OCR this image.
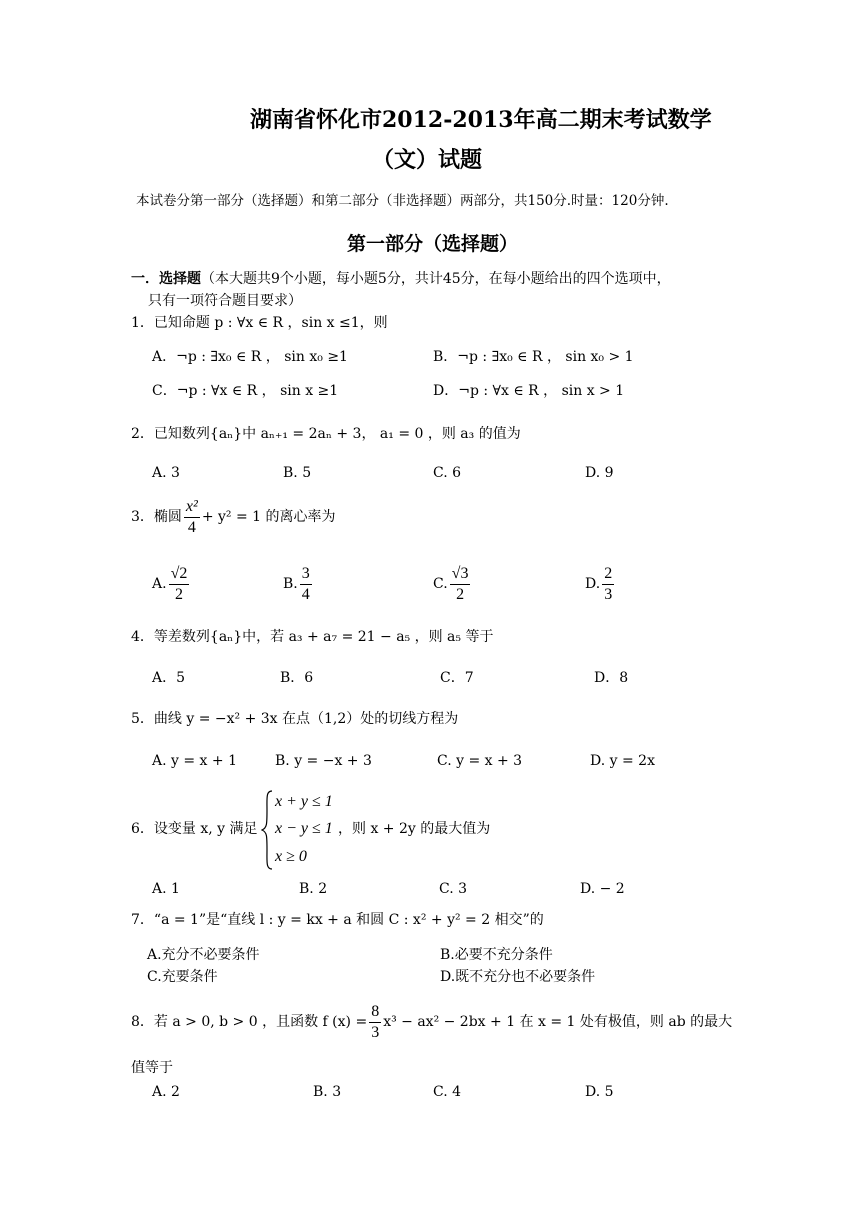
湖南省怀化市2012-2013年高二期末考试数学
（文）试题
本试卷分第一部分（选择题）和第二部分（非选择题）两部分，共150分.时量：120分钟.
第一部分（选择题）
一．选择题（本大题共9个小题，每小题5分，共计45分，在每小题给出的四个选项中，
只有一项符合题目要求）
1．已知命题 p : ∀x ∈ R ，sin x ≤1，则
A．¬p : ∃x₀ ∈ R ， sin x₀ ≥1	B．¬p : ∃x₀ ∈ R ， sin x₀ > 1
C．¬p : ∀x ∈ R ， sin x ≥1	D．¬p : ∀x ∈ R ， sin x > 1
2．已知数列{aₙ}中 aₙ₊₁ = 2aₙ + 3， a₁ = 0 ，则 a₃ 的值为
A. 3	B. 5	C. 6	D. 9
3．椭圆 $\frac{\text{x²}}{4} + y^2 = 1$ 的离心率为
A. $\frac{√2}{2}$	B. $\frac{3}{4}$	C. $\frac{√3}{2}$	D. $\frac{2}{3}$
4．等差数列{aₙ}中，若 a₃ + a₇ = 21 − a₅ ，则 a₅ 等于
A．5	B．6	C．7	D．8
5．曲线 y = −x² + 3x 在点（1,2）处的切线方程为
A. y = x + 1	B. y = −x + 3	C. y = x + 3	D. y = 2x
6．设变量 x, y 满足
x + y ≤ 1
x − y ≤ 1
x ≥ 0
，则 x + 2y 的最大值为
A. 1	B. 2	C. 3	D. − 2
7．“a = 1”是“直线 l : y = kx + a 和圆 C : x² + y² = 2 相交”的
A.充分不必要条件	B.必要不充分条件
C.充要条件	D.既不充分也不必要条件
8．若 a > 0, b > 0 ，且函数 f $(x) = \frac{8}{3} x^3 - ax^2 - 2bx + 1$ 在 x = 1 处有极值，则 ab 的最大
值等于
A. 2	B. 3	C. 4	D. 5
